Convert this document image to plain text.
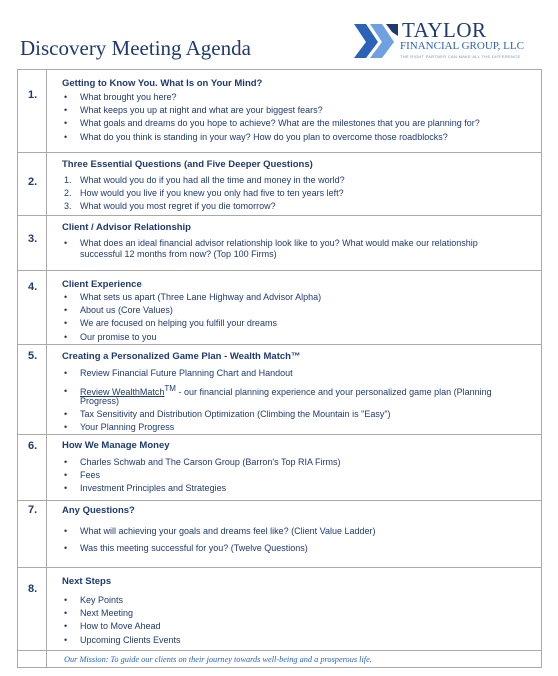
Discovery Meeting Agenda
TAYLOR
FINANCIAL GROUP, LLC
THE RIGHT PARTNER CAN MAKE ALL THE DIFFERENCE
1.
Getting to Know You. What Is on Your Mind?
• What brought you here?
• What keeps you up at night and what are your biggest fears?
• What goals and dreams do you hope to achieve? What are the milestones that you are planning for?
• What do you think is standing in your way? How do you plan to overcome those roadblocks?
2.
Three Essential Questions (and Five Deeper Questions)
1. What would you do if you had all the time and money in the world?
2. How would you live if you knew you only had five to ten years left?
3. What would you most regret if you die tomorrow?
3.
Client / Advisor Relationship
• What does an ideal financial advisor relationship look like to you? What would make our relationship
successful 12 months from now? (Top 100 Firms)
4.	Client Experience
• What sets us apart (Three Lane Highway and Advisor Alpha)
• About us (Core Values)
• We are focused on helping you fulfill your dreams
• Our promise to you
5.	Creating a Personalized Game Plan - Wealth Match™
• Review Financial Future Planning Chart and Handout
• Review WealthMatch™ - our financial planning experience and your personalized game plan (Planning
Progress)
• Tax Sensitivity and Distribution Optimization (Climbing the Mountain is "Easy")
• Your Planning Progress
6.	How We Manage Money
• Charles Schwab and The Carson Group (Barron's Top RIA Firms)
• Fees
• Investment Principles and Strategies
7.	Any Questions?
• What will achieving your goals and dreams feel like? (Client Value Ladder)
• Was this meeting successful for you? (Twelve Questions)
8.
Next Steps
• Key Points
• Next Meeting
• How to Move Ahead
• Upcoming Clients Events
Our Mission: To guide our clients on their journey towards well-being and a prosperous life.
